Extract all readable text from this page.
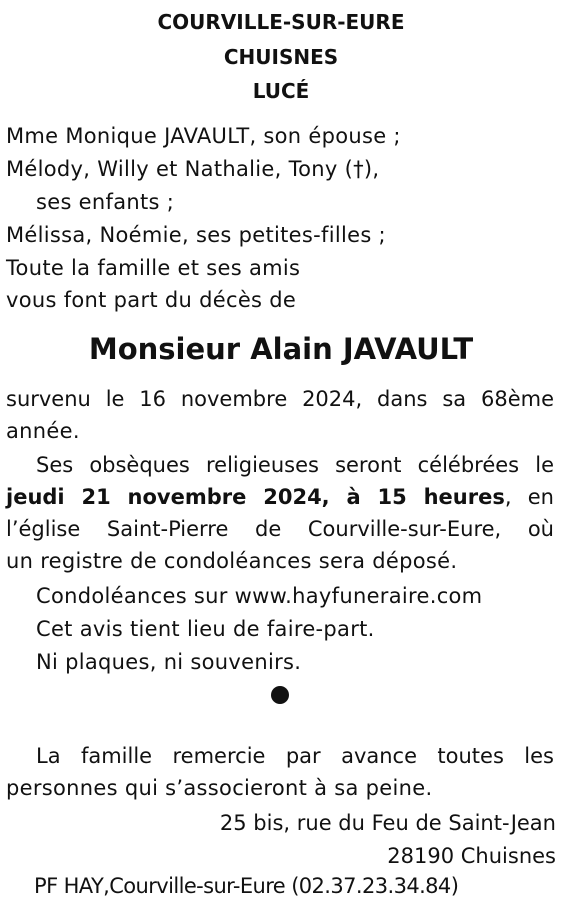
COURVILLE-SUR-EURE
CHUISNES
LUCÉ
Mme Monique JAVAULT, son épouse ;
Mélody, Willy et Nathalie, Tony (†),
ses enfants ;
Mélissa, Noémie, ses petites-filles ;
Toute la famille et ses amis
vous font part du décès de
Monsieur Alain JAVAULT
survenu le 16 novembre 2024, dans sa 68ème
année.
Ses obsèques religieuses seront célébrées le
jeudi 21 novembre 2024, à 15 heures, en
l’église Saint-Pierre de Courville-sur-Eure, où
un registre de condoléances sera déposé.
Condoléances sur www.hayfuneraire.com
Cet avis tient lieu de faire-part.
Ni plaques, ni souvenirs.
La famille remercie par avance toutes les
personnes qui s’associeront à sa peine.
25 bis, rue du Feu de Saint-Jean
28190 Chuisnes
PF HAY,Courville-sur-Eure (02.37.23.34.84)
